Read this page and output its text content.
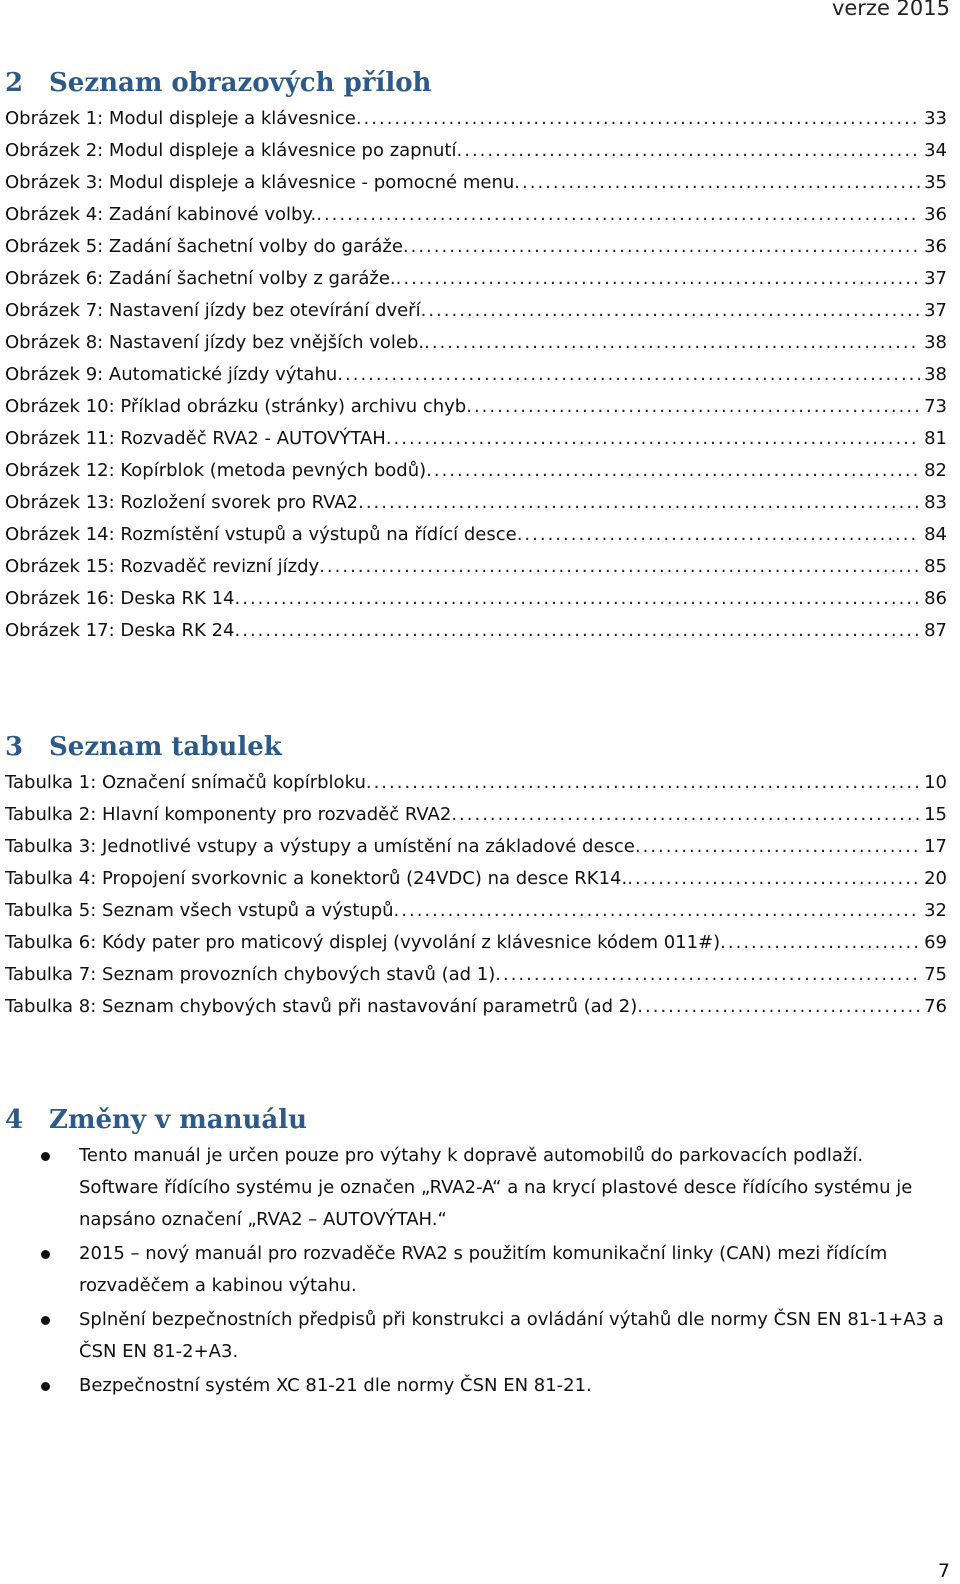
verze 2015
2 Seznam obrazových příloh
Obrázek 1: Modul displeje a klávesnice .....	33
Obrázek 2: Modul displeje a klávesnice po zapnutí .....	34
Obrázek 3: Modul displeje a klávesnice - pomocné menu .....	35
Obrázek 4: Zadání kabinové volby. .....	36
Obrázek 5: Zadání šachetní volby do garáže .....	36
Obrázek 6: Zadání šachetní volby z garáže. .....	37
Obrázek 7: Nastavení jízdy bez otevírání dveří .....	37
Obrázek 8: Nastavení jízdy bez vnějších voleb. .....	38
Obrázek 9: Automatické jízdy výtahu .....	38
Obrázek 10: Příklad obrázku (stránky) archivu chyb .....	73
Obrázek 11: Rozvaděč RVA2 - AUTOVÝTAH .....	81
Obrázek 12: Kopírblok (metoda pevných bodů) .....	82
Obrázek 13: Rozložení svorek pro RVA2 .....	83
Obrázek 14: Rozmístění vstupů a výstupů na řídící desce .....	84
Obrázek 15: Rozvaděč revizní jízdy .....	85
Obrázek 16: Deska RK 14 .....	86
Obrázek 17: Deska RK 24 .....	87
3 Seznam tabulek
Tabulka 1: Označení snímačů kopírbloku .....	10
Tabulka 2: Hlavní komponenty pro rozvaděč RVA2 .....	15
Tabulka 3: Jednotlivé vstupy a výstupy a umístění na základové desce .....	17
Tabulka 4: Propojení svorkovnic a konektorů (24VDC) na desce RK14. .....	20
Tabulka 5: Seznam všech vstupů a výstupů .....	32
Tabulka 6: Kódy pater pro maticový displej (vyvolání z klávesnice kódem 011#) .....	69
Tabulka 7: Seznam provozních chybových stavů (ad 1) .....	75
Tabulka 8: Seznam chybových stavů při nastavování parametrů (ad 2) .....	76
4 Změny v manuálu
Tento manuál je určen pouze pro výtahy k dopravě automobilů do parkovacích podlaží. Software řídícího systému je označen „RVA2-A“ a na krycí plastové desce řídícího systému je napsáno označení „RVA2 – AUTOVÝTAH.“
2015 – nový manuál pro rozvaděče RVA2 s použitím komunikační linky (CAN) mezi řídícím rozvaděčem a kabinou výtahu.
Splnění bezpečnostních předpisů při konstrukci a ovládání výtahů dle normy ČSN EN 81-1+A3 a ČSN EN 81-2+A3.
Bezpečnostní systém XC 81-21 dle normy ČSN EN 81-21.
7
